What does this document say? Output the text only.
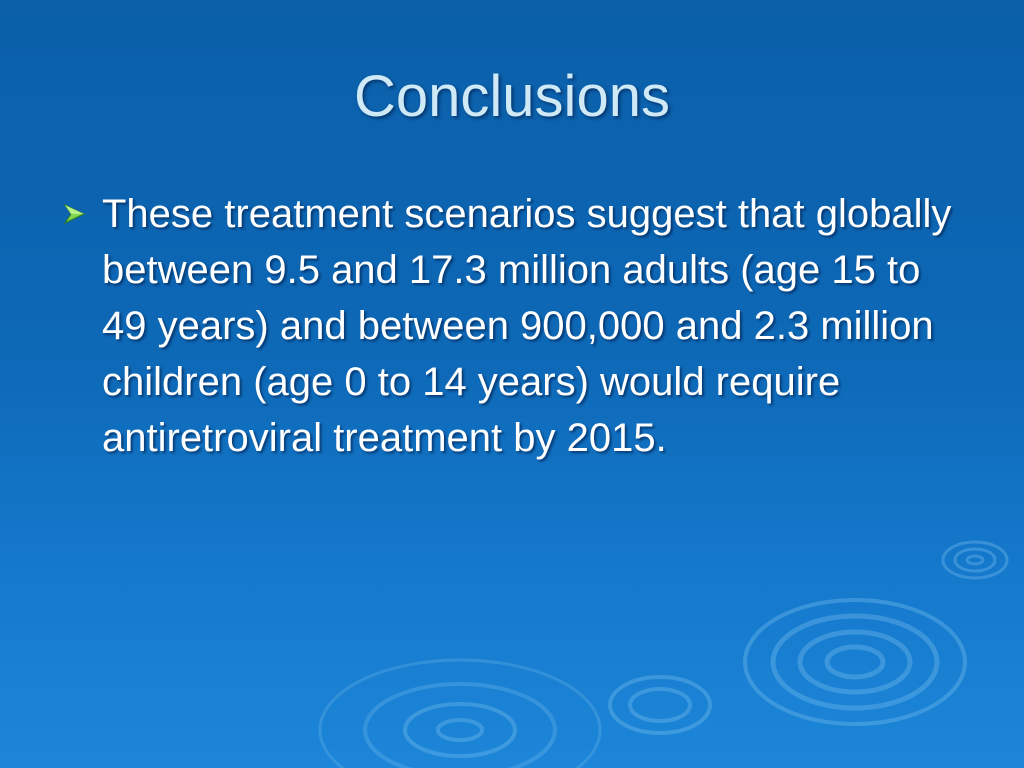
Conclusions
These treatment scenarios suggest that globally between 9.5 and 17.3 million adults (age 15 to 49 years) and between 900,000 and 2.3 million children (age 0 to 14 years) would require antiretroviral treatment by 2015.
